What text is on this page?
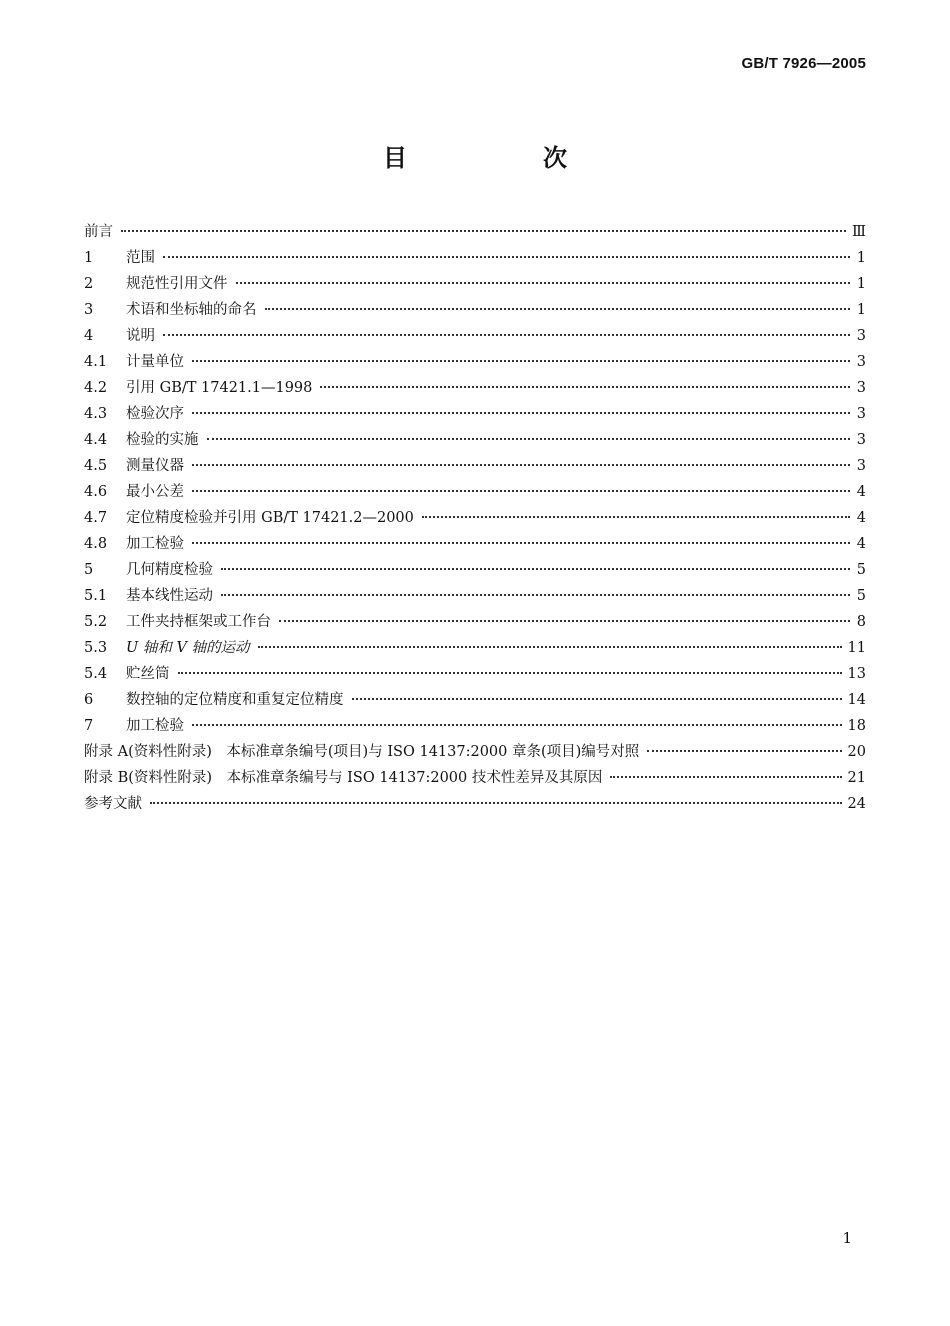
GB/T 7926—2005
目　次
前言	Ⅲ
1	范围	1
2	规范性引用文件	1
3	术语和坐标轴的命名	1
4	说明	3
4.1	计量单位	3
4.2	引用 GB/T 17421.1—1998	3
4.3	检验次序	3
4.4	检验的实施	3
4.5	测量仪器	3
4.6	最小公差	4
4.7	定位精度检验并引用 GB/T 17421.2—2000	4
4.8	加工检验	4
5	几何精度检验	5
5.1	基本线性运动	5
5.2	工件夹持框架或工作台	8
5.3	U 轴和 V 轴的运动	11
5.4	贮丝筒	13
6	数控轴的定位精度和重复定位精度	14
7	加工检验	18
附录 A(资料性附录)　本标准章条编号(项目)与 ISO 14137:2000 章条(项目)编号对照	20
附录 B(资料性附录)　本标准章条编号与 ISO 14137:2000 技术性差异及其原因	21
参考文献	24
1
